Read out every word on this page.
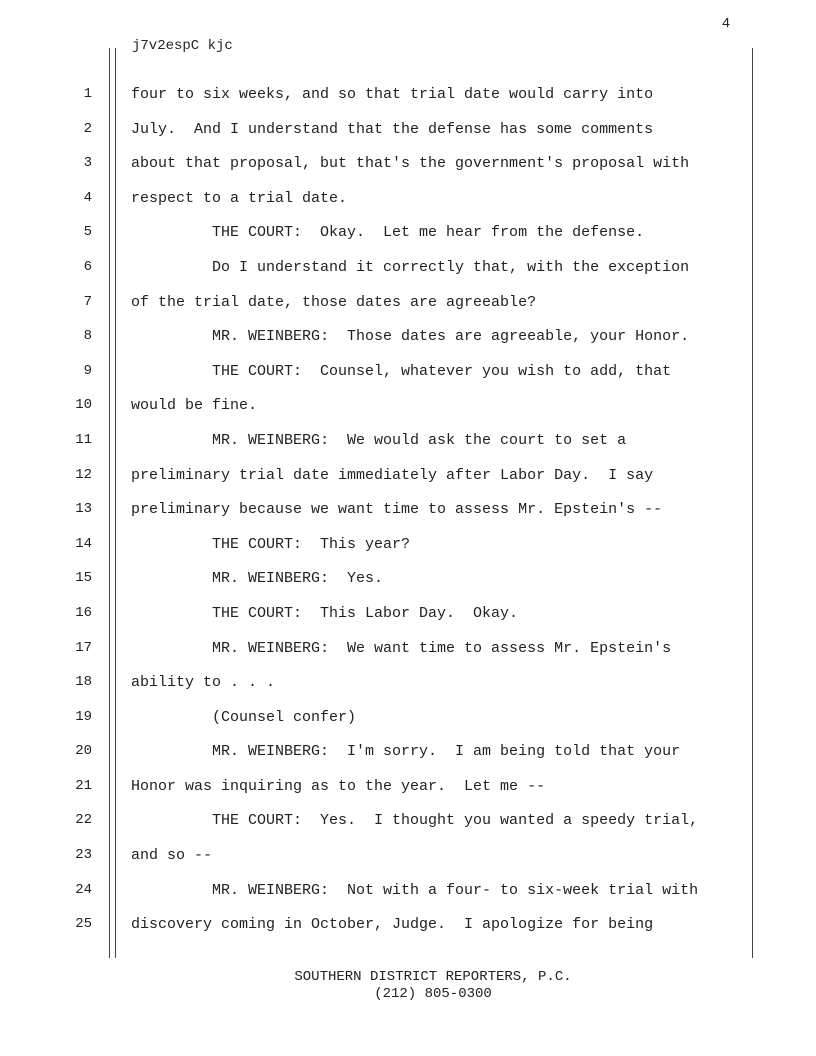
4
j7v2espC kjc
1	four to six weeks, and so that trial date would carry into
2	July.  And I understand that the defense has some comments
3	about that proposal, but that's the government's proposal with
4	respect to a trial date.
5	THE COURT:  Okay.  Let me hear from the defense.
6	Do I understand it correctly that, with the exception
7	of the trial date, those dates are agreeable?
8	MR. WEINBERG:  Those dates are agreeable, your Honor.
9	THE COURT:  Counsel, whatever you wish to add, that
10	would be fine.
11	MR. WEINBERG:  We would ask the court to set a
12	preliminary trial date immediately after Labor Day.  I say
13	preliminary because we want time to assess Mr. Epstein's --
14	THE COURT:  This year?
15	MR. WEINBERG:  Yes.
16	THE COURT:  This Labor Day.  Okay.
17	MR. WEINBERG:  We want time to assess Mr. Epstein's
18	ability to . . .
19	(Counsel confer)
20	MR. WEINBERG:  I'm sorry.  I am being told that your
21	Honor was inquiring as to the year.  Let me --
22	THE COURT:  Yes.  I thought you wanted a speedy trial,
23	and so --
24	MR. WEINBERG:  Not with a four- to six-week trial with
25	discovery coming in October, Judge.  I apologize for being
SOUTHERN DISTRICT REPORTERS, P.C.
(212) 805-0300
